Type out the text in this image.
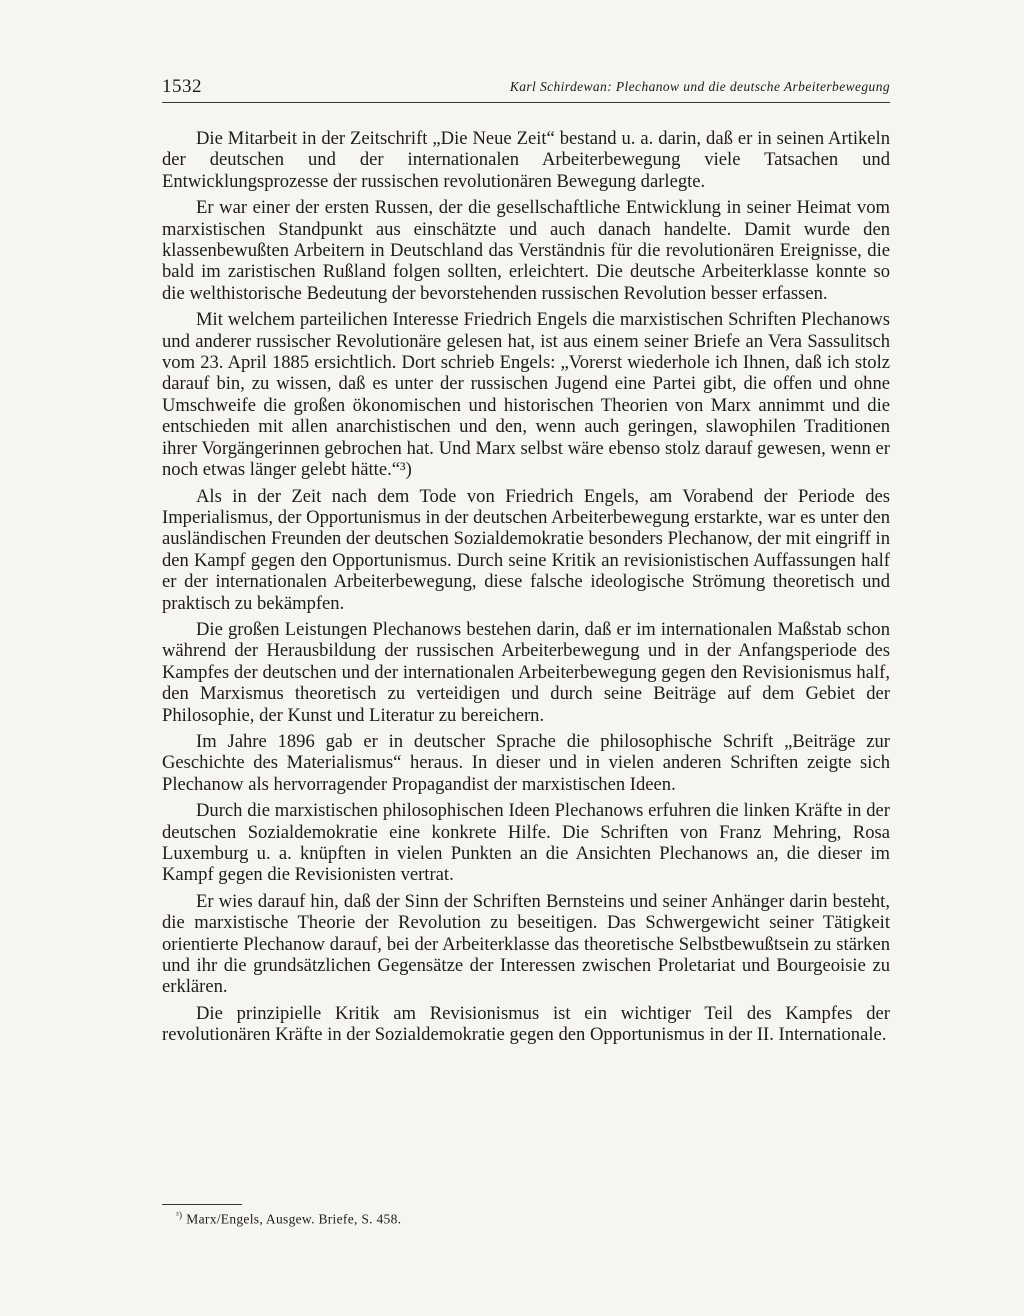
1532	Karl Schirdewan: Plechanow und die deutsche Arbeiterbewegung

Die Mitarbeit in der Zeitschrift „Die Neue Zeit“ bestand u. a. darin, daß er in seinen Artikeln der deutschen und der internationalen Arbeiterbewegung viele Tatsachen und Entwicklungsprozesse der russischen revolutionären Bewegung darlegte.

Er war einer der ersten Russen, der die gesellschaftliche Entwicklung in seiner Heimat vom marxistischen Standpunkt aus einschätzte und auch danach handelte. Damit wurde den klassenbewußten Arbeitern in Deutschland das Verständnis für die revolutionären Ereignisse, die bald im zaristischen Rußland folgen sollten, erleichtert. Die deutsche Arbeiterklasse konnte so die welthistorische Bedeutung der bevorstehenden russischen Revolution besser erfassen.

Mit welchem parteilichen Interesse Friedrich Engels die marxistischen Schriften Plechanows und anderer russischer Revolutionäre gelesen hat, ist aus einem seiner Briefe an Vera Sassulitsch vom 23. April 1885 ersichtlich. Dort schrieb Engels: „Vorerst wiederhole ich Ihnen, daß ich stolz darauf bin, zu wissen, daß es unter der russischen Jugend eine Partei gibt, die offen und ohne Umschweife die großen ökonomischen und historischen Theorien von Marx annimmt und die entschieden mit allen anarchistischen und den, wenn auch geringen, slawophilen Traditionen ihrer Vorgängerinnen gebrochen hat. Und Marx selbst wäre ebenso stolz darauf gewesen, wenn er noch etwas länger gelebt hätte.“³)

Als in der Zeit nach dem Tode von Friedrich Engels, am Vorabend der Periode des Imperialismus, der Opportunismus in der deutschen Arbeiterbewegung erstarkte, war es unter den ausländischen Freunden der deutschen Sozialdemokratie besonders Plechanow, der mit eingriff in den Kampf gegen den Opportunismus. Durch seine Kritik an revisionistischen Auffassungen half er der internationalen Arbeiterbewegung, diese falsche ideologische Strömung theoretisch und praktisch zu bekämpfen.

Die großen Leistungen Plechanows bestehen darin, daß er im internationalen Maßstab schon während der Herausbildung der russischen Arbeiterbewegung und in der Anfangsperiode des Kampfes der deutschen und der internationalen Arbeiterbewegung gegen den Revisionismus half, den Marxismus theoretisch zu verteidigen und durch seine Beiträge auf dem Gebiet der Philosophie, der Kunst und Literatur zu bereichern.

Im Jahre 1896 gab er in deutscher Sprache die philosophische Schrift „Beiträge zur Geschichte des Materialismus“ heraus. In dieser und in vielen anderen Schriften zeigte sich Plechanow als hervorragender Propagandist der marxistischen Ideen.

Durch die marxistischen philosophischen Ideen Plechanows erfuhren die linken Kräfte in der deutschen Sozialdemokratie eine konkrete Hilfe. Die Schriften von Franz Mehring, Rosa Luxemburg u. a. knüpften in vielen Punkten an die Ansichten Plechanows an, die dieser im Kampf gegen die Revisionisten vertrat.

Er wies darauf hin, daß der Sinn der Schriften Bernsteins und seiner Anhänger darin besteht, die marxistische Theorie der Revolution zu beseitigen. Das Schwergewicht seiner Tätigkeit orientierte Plechanow darauf, bei der Arbeiterklasse das theoretische Selbstbewußtsein zu stärken und ihr die grundsätzlichen Gegensätze der Interessen zwischen Proletariat und Bourgeoisie zu erklären.

Die prinzipielle Kritik am Revisionismus ist ein wichtiger Teil des Kampfes der revolutionären Kräfte in der Sozialdemokratie gegen den Opportunismus in der II. Internationale.

$^{^3)}$ Marx/Engels, Ausgew. Briefe, S. 458.
